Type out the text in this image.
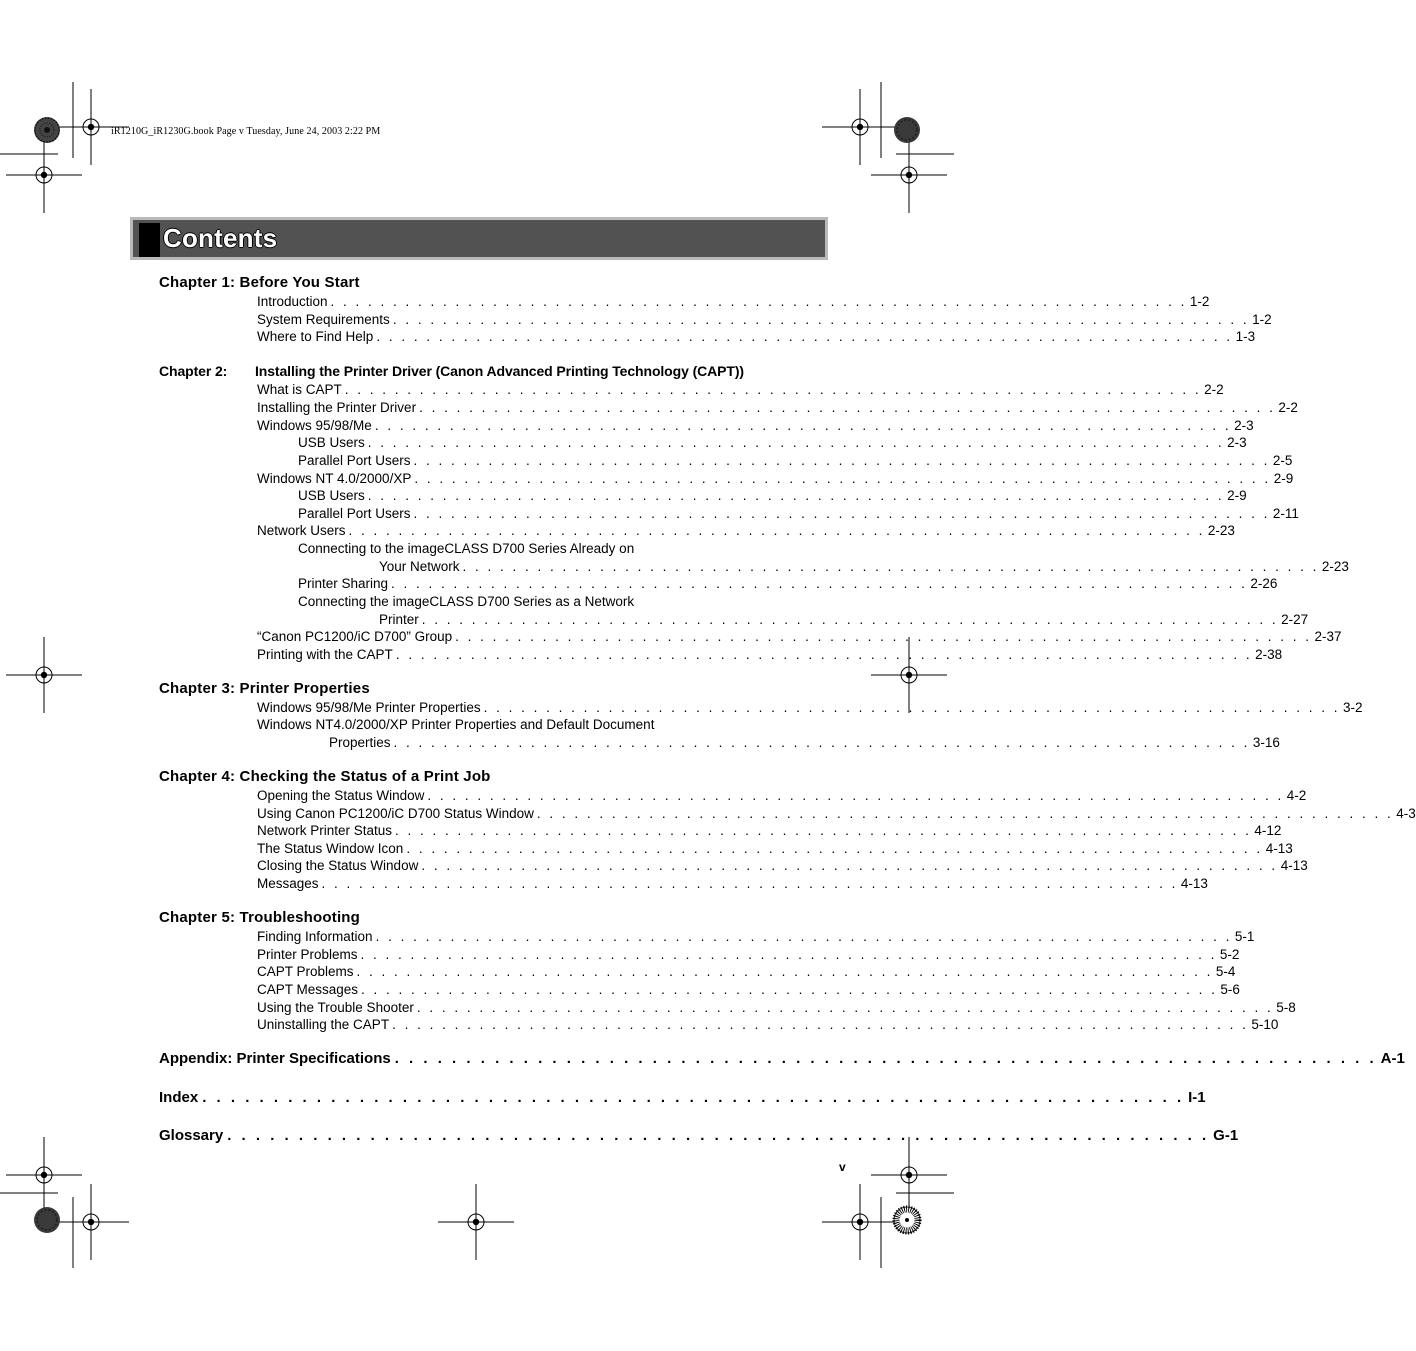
iR1210G_iR1230G.book Page v Tuesday, June 24, 2003 2:22 PM
Contents
Chapter 1: Before You Start
Introduction . . . . . . . . . . . . . . . . . . . . . . . . . . . . . . . . . . . . . . . . . . . . . . . . . . . . . . . . . . . . . . . . . . . . . 1-2
System Requirements . . . . . . . . . . . . . . . . . . . . . . . . . . . . . . . . . . . . . . . . . . . . . . . . . . . . . . . . . . . . . . . . . . . . . 1-2
Where to Find Help . . . . . . . . . . . . . . . . . . . . . . . . . . . . . . . . . . . . . . . . . . . . . . . . . . . . . . . . . . . . . . . . . . . . . 1-3
Chapter 2: Installing the Printer Driver (Canon Advanced Printing Technology (CAPT))
What is CAPT . . . . . . . . . . . . . . . . . . . . . . . . . . . . . . . . . . . . . . . . . . . . . . . . . . . . . . . . . . . . . . . . . . . . . 2-2
Installing the Printer Driver . . . . . . . . . . . . . . . . . . . . . . . . . . . . . . . . . . . . . . . . . . . . . . . . . . . . . . . . . . . . . . . . . . . . . 2-2
Windows 95/98/Me . . . . . . . . . . . . . . . . . . . . . . . . . . . . . . . . . . . . . . . . . . . . . . . . . . . . . . . . . . . . . . . . . . . . . 2-3
USB Users . . . . . . . . . . . . . . . . . . . . . . . . . . . . . . . . . . . . . . . . . . . . . . . . . . . . . . . . . . . . . . . . . . . . . 2-3
Parallel Port Users . . . . . . . . . . . . . . . . . . . . . . . . . . . . . . . . . . . . . . . . . . . . . . . . . . . . . . . . . . . . . . . . . . . . . 2-5
Windows NT 4.0/2000/XP . . . . . . . . . . . . . . . . . . . . . . . . . . . . . . . . . . . . . . . . . . . . . . . . . . . . . . . . . . . . . . . . . . . . . 2-9
USB Users . . . . . . . . . . . . . . . . . . . . . . . . . . . . . . . . . . . . . . . . . . . . . . . . . . . . . . . . . . . . . . . . . . . . . 2-9
Parallel Port Users . . . . . . . . . . . . . . . . . . . . . . . . . . . . . . . . . . . . . . . . . . . . . . . . . . . . . . . . . . . . . . . . . . . . . 2-11
Network Users . . . . . . . . . . . . . . . . . . . . . . . . . . . . . . . . . . . . . . . . . . . . . . . . . . . . . . . . . . . . . . . . . . . . . 2-23
Connecting to the imageCLASS D700 Series Already on
Your Network . . . . . . . . . . . . . . . . . . . . . . . . . . . . . . . . . . . . . . . . . . . . . . . . . . . . . . . . . . . . . . . . . . . . . 2-23
Printer Sharing . . . . . . . . . . . . . . . . . . . . . . . . . . . . . . . . . . . . . . . . . . . . . . . . . . . . . . . . . . . . . . . . . . . . . 2-26
Connecting the imageCLASS D700 Series as a Network
Printer . . . . . . . . . . . . . . . . . . . . . . . . . . . . . . . . . . . . . . . . . . . . . . . . . . . . . . . . . . . . . . . . . . . . . 2-27
“Canon PC1200/iC D700” Group . . . . . . . . . . . . . . . . . . . . . . . . . . . . . . . . . . . . . . . . . . . . . . . . . . . . . . . . . . . . . . . . . . . . . 2-37
Printing with the CAPT . . . . . . . . . . . . . . . . . . . . . . . . . . . . . . . . . . . . . . . . . . . . . . . . . . . . . . . . . . . . . . . . . . . . . 2-38
Chapter 3: Printer Properties
Windows 95/98/Me Printer Properties . . . . . . . . . . . . . . . . . . . . . . . . . . . . . . . . . . . . . . . . . . . . . . . . . . . . . . . . . . . . . . . . . . . . . 3-2
Windows NT4.0/2000/XP Printer Properties and Default Document
Properties . . . . . . . . . . . . . . . . . . . . . . . . . . . . . . . . . . . . . . . . . . . . . . . . . . . . . . . . . . . . . . . . . . . . . 3-16
Chapter 4: Checking the Status of a Print Job
Opening the Status Window . . . . . . . . . . . . . . . . . . . . . . . . . . . . . . . . . . . . . . . . . . . . . . . . . . . . . . . . . . . . . . . . . . . . . 4-2
Using Canon PC1200/iC D700 Status Window . . . . . . . . . . . . . . . . . . . . . . . . . . . . . . . . . . . . . . . . . . . . . . . . . . . . . . . . . . . . . . . . . . . . . 4-3
Network Printer Status . . . . . . . . . . . . . . . . . . . . . . . . . . . . . . . . . . . . . . . . . . . . . . . . . . . . . . . . . . . . . . . . . . . . . 4-12
The Status Window Icon . . . . . . . . . . . . . . . . . . . . . . . . . . . . . . . . . . . . . . . . . . . . . . . . . . . . . . . . . . . . . . . . . . . . . 4-13
Closing the Status Window . . . . . . . . . . . . . . . . . . . . . . . . . . . . . . . . . . . . . . . . . . . . . . . . . . . . . . . . . . . . . . . . . . . . . 4-13
Messages . . . . . . . . . . . . . . . . . . . . . . . . . . . . . . . . . . . . . . . . . . . . . . . . . . . . . . . . . . . . . . . . . . . . . 4-13
Chapter 5: Troubleshooting
Finding Information . . . . . . . . . . . . . . . . . . . . . . . . . . . . . . . . . . . . . . . . . . . . . . . . . . . . . . . . . . . . . . . . . . . . . 5-1
Printer Problems . . . . . . . . . . . . . . . . . . . . . . . . . . . . . . . . . . . . . . . . . . . . . . . . . . . . . . . . . . . . . . . . . . . . . 5-2
CAPT Problems . . . . . . . . . . . . . . . . . . . . . . . . . . . . . . . . . . . . . . . . . . . . . . . . . . . . . . . . . . . . . . . . . . . . . 5-4
CAPT Messages . . . . . . . . . . . . . . . . . . . . . . . . . . . . . . . . . . . . . . . . . . . . . . . . . . . . . . . . . . . . . . . . . . . . . 5-6
Using the Trouble Shooter . . . . . . . . . . . . . . . . . . . . . . . . . . . . . . . . . . . . . . . . . . . . . . . . . . . . . . . . . . . . . . . . . . . . . 5-8
Uninstalling the CAPT . . . . . . . . . . . . . . . . . . . . . . . . . . . . . . . . . . . . . . . . . . . . . . . . . . . . . . . . . . . . . . . . . . . . . 5-10
Appendix: Printer Specifications . . . . . . . . . . . . . . . . . . . . . . . . . . . . . . . . . . . . . . . . . . . . . . . . . . . . . . . . . . . . . . . . . . . . . A-1
Index . . . . . . . . . . . . . . . . . . . . . . . . . . . . . . . . . . . . . . . . . . . . . . . . . . . . . . . . . . . . . . . . . . . . . I-1
Glossary . . . . . . . . . . . . . . . . . . . . . . . . . . . . . . . . . . . . . . . . . . . . . . . . . . . . . . . . . . . . . . . . . . . . . G-1
v
